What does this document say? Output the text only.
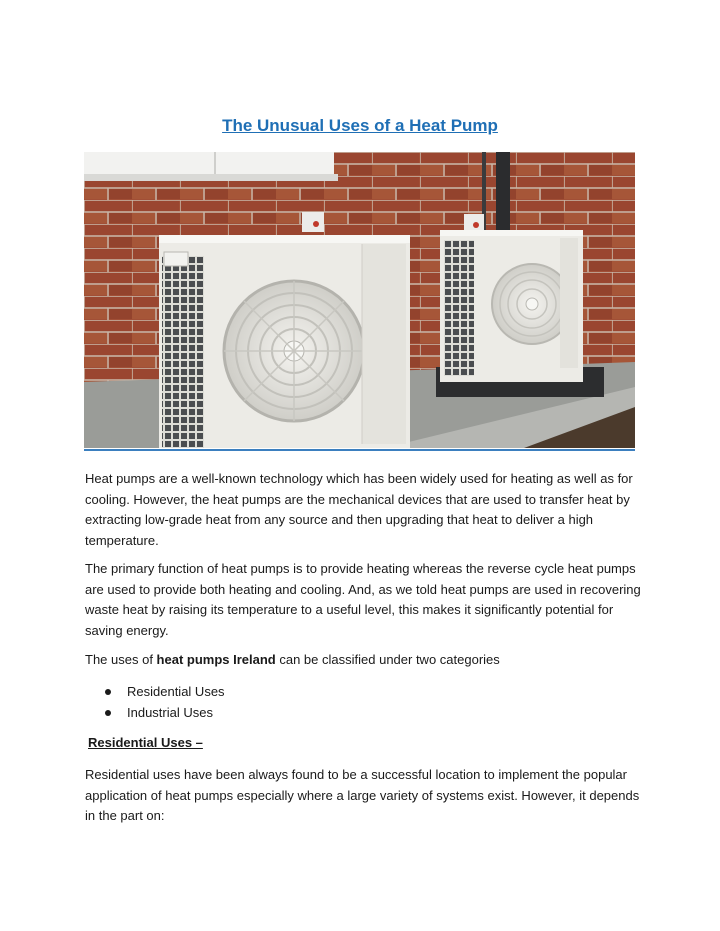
The Unusual Uses of a Heat Pump
Heat pumps are a well-known technology which has been widely used for heating as well as for cooling. However, the heat pumps are the mechanical devices that are used to transfer heat by extracting low-grade heat from any source and then upgrading that heat to deliver a high temperature.
The primary function of heat pumps is to provide heating whereas the reverse cycle heat pumps are used to provide both heating and cooling. And, as we told heat pumps are used in recovering waste heat by raising its temperature to a useful level, this makes it significantly potential for saving energy.
The uses of heat pumps Ireland can be classified under two categories
Residential Uses
Industrial Uses
Residential Uses –
Residential uses have been always found to be a successful location to implement the popular application of heat pumps especially where a large variety of systems exist. However, it depends in the part on:
